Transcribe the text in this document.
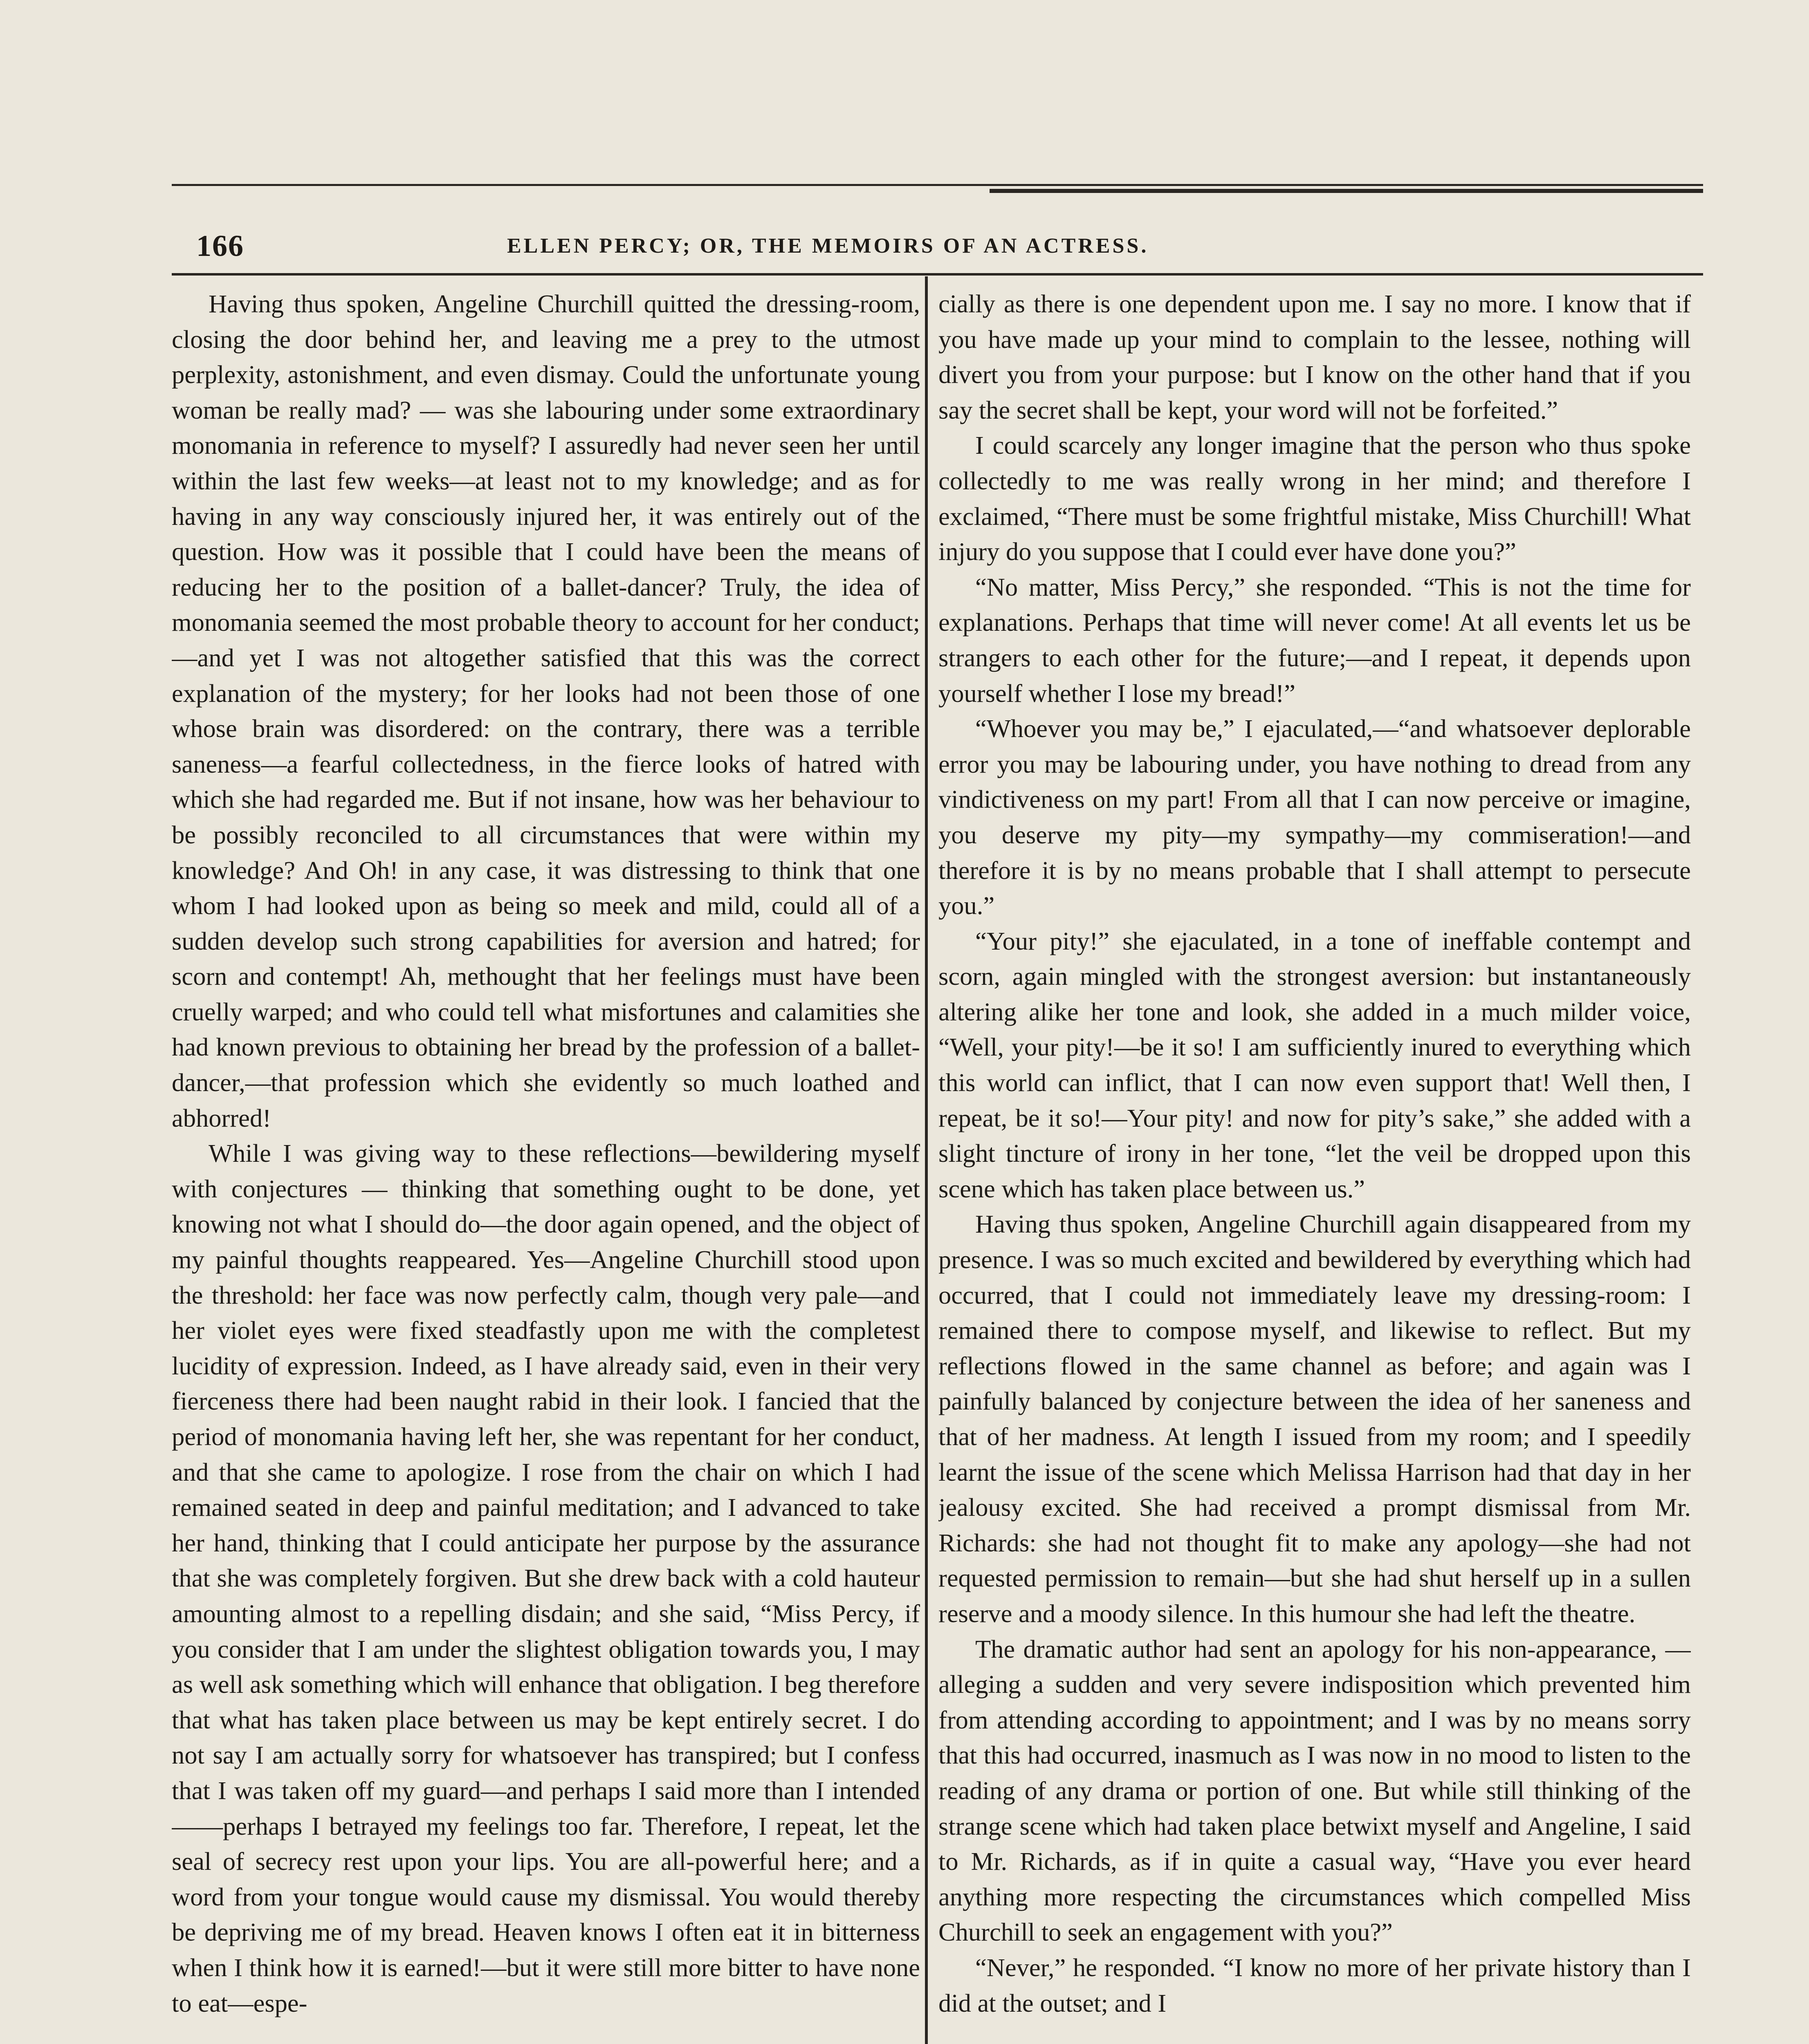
166	ELLEN PERCY; OR, THE MEMOIRS OF AN ACTRESS.

Having thus spoken, Angeline Churchill quitted the dressing-room, closing the door behind her, and leaving me a prey to the utmost perplexity, astonishment, and even dismay. Could the unfortunate young woman be really mad? — was she labouring under some extraordinary monomania in reference to myself? I assuredly had never seen her until within the last few weeks—at least not to my knowledge; and as for having in any way consciously injured her, it was entirely out of the question. How was it possible that I could have been the means of reducing her to the position of a ballet-dancer? Truly, the idea of monomania seemed the most probable theory to account for her conduct;—and yet I was not altogether satisfied that this was the correct explanation of the mystery; for her looks had not been those of one whose brain was disordered: on the contrary, there was a terrible saneness—a fearful collectedness, in the fierce looks of hatred with which she had regarded me. But if not insane, how was her behaviour to be possibly reconciled to all circumstances that were within my knowledge? And Oh! in any case, it was distressing to think that one whom I had looked upon as being so meek and mild, could all of a sudden develop such strong capabilities for aversion and hatred; for scorn and contempt! Ah, methought that her feelings must have been cruelly warped; and who could tell what misfortunes and calamities she had known previous to obtaining her bread by the profession of a ballet-dancer,—that profession which she evidently so much loathed and abhorred!

While I was giving way to these reflections—bewildering myself with conjectures — thinking that something ought to be done, yet knowing not what I should do—the door again opened, and the object of my painful thoughts reappeared. Yes—Angeline Churchill stood upon the threshold: her face was now perfectly calm, though very pale—and her violet eyes were fixed steadfastly upon me with the completest lucidity of expression. Indeed, as I have already said, even in their very fierceness there had been naught rabid in their look. I fancied that the period of monomania having left her, she was repentant for her conduct, and that she came to apologize. I rose from the chair on which I had remained seated in deep and painful meditation; and I advanced to take her hand, thinking that I could anticipate her purpose by the assurance that she was completely forgiven. But she drew back with a cold hauteur amounting almost to a repelling disdain; and she said, “Miss Percy, if you consider that I am under the slightest obligation towards you, I may as well ask something which will enhance that obligation. I beg therefore that what has taken place between us may be kept entirely secret. I do not say I am actually sorry for whatsoever has transpired; but I confess that I was taken off my guard—and perhaps I said more than I intended——perhaps I betrayed my feelings too far. Therefore, I repeat, let the seal of secrecy rest upon your lips. You are all-powerful here; and a word from your tongue would cause my dismissal. You would thereby be depriving me of my bread. Heaven knows I often eat it in bitterness when I think how it is earned!—but it were still more bitter to have none to eat—espe-

cially as there is one dependent upon me. I say no more. I know that if you have made up your mind to complain to the lessee, nothing will divert you from your purpose: but I know on the other hand that if you say the secret shall be kept, your word will not be forfeited.”

I could scarcely any longer imagine that the person who thus spoke collectedly to me was really wrong in her mind; and therefore I exclaimed, “There must be some frightful mistake, Miss Churchill! What injury do you suppose that I could ever have done you?”

“No matter, Miss Percy,” she responded. “This is not the time for explanations. Perhaps that time will never come! At all events let us be strangers to each other for the future;—and I repeat, it depends upon yourself whether I lose my bread!”

“Whoever you may be,” I ejaculated,—“and whatsoever deplorable error you may be labouring under, you have nothing to dread from any vindictiveness on my part! From all that I can now perceive or imagine, you deserve my pity—my sympathy—my commiseration!—and therefore it is by no means probable that I shall attempt to persecute you.”

“Your pity!” she ejaculated, in a tone of ineffable contempt and scorn, again mingled with the strongest aversion: but instantaneously altering alike her tone and look, she added in a much milder voice, “Well, your pity!—be it so! I am sufficiently inured to everything which this world can inflict, that I can now even support that! Well then, I repeat, be it so!—Your pity! and now for pity’s sake,” she added with a slight tincture of irony in her tone, “let the veil be dropped upon this scene which has taken place between us.”

Having thus spoken, Angeline Churchill again disappeared from my presence. I was so much excited and bewildered by everything which had occurred, that I could not immediately leave my dressing-room: I remained there to compose myself, and likewise to reflect. But my reflections flowed in the same channel as before; and again was I painfully balanced by conjecture between the idea of her saneness and that of her madness. At length I issued from my room; and I speedily learnt the issue of the scene which Melissa Harrison had that day in her jealousy excited. She had received a prompt dismissal from Mr. Richards: she had not thought fit to make any apology—she had not requested permission to remain—but she had shut herself up in a sullen reserve and a moody silence. In this humour she had left the theatre.

The dramatic author had sent an apology for his non-appearance, — alleging a sudden and very severe indisposition which prevented him from attending according to appointment; and I was by no means sorry that this had occurred, inasmuch as I was now in no mood to listen to the reading of any drama or portion of one. But while still thinking of the strange scene which had taken place betwixt myself and Angeline, I said to Mr. Richards, as if in quite a casual way, “Have you ever heard anything more respecting the circumstances which compelled Miss Churchill to seek an engagement with you?”

“Never,” he responded. “I know no more of her private history than I did at the outset; and I
